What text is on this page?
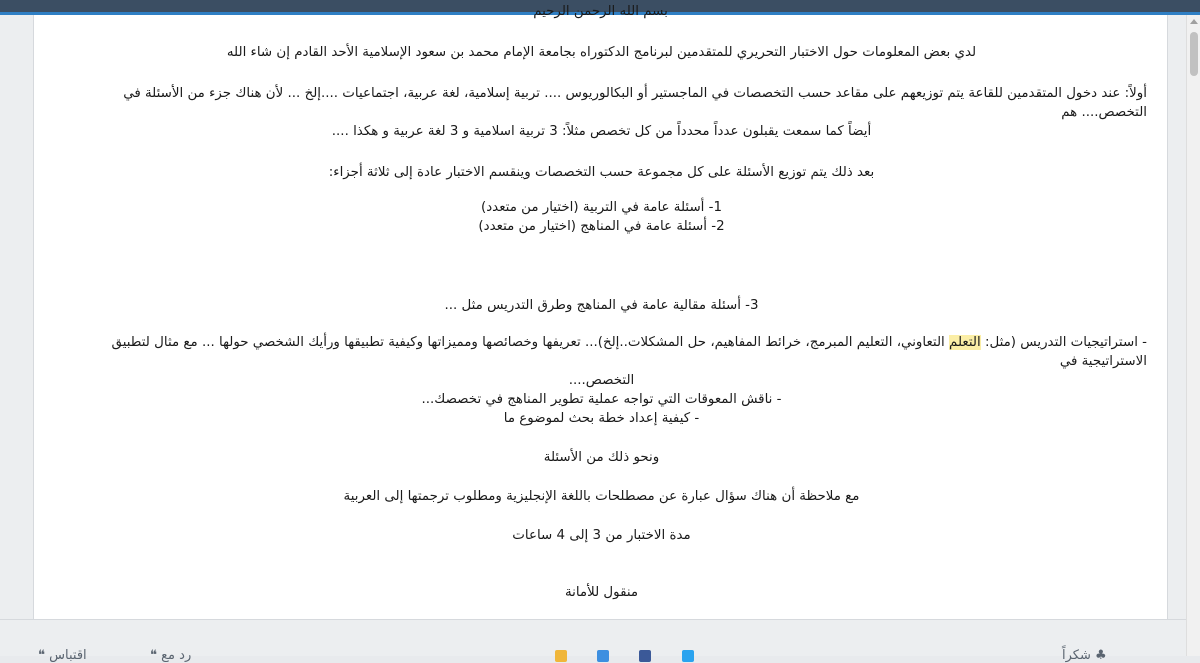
بسم الله الرحمن الرحيم

لدي بعض المعلومات حول الاختبار التحريري للمتقدمين لبرنامج الدكتوراه بجامعة الإمام محمد بن سعود الإسلامية الأحد القادم إن شاء الله

أولاً: عند دخول المتقدمين للقاعة يتم توزيعهم على مقاعد حسب التخصصات في الماجستير أو البكالوريوس .... تربية إسلامية، لغة عربية، اجتماعيات ....إلخ ... لأن هناك جزء من الأسئلة في التخصص.... هم

أيضاً كما سمعت يقبلون عدداً محدداً من كل تخصص مثلاً: 3 تربية اسلامية و 3 لغة عربية و هكذا ....

بعد ذلك يتم توزيع الأسئلة على كل مجموعة حسب التخصصات وينقسم الاختبار عادة إلى ثلاثة أجزاء:

1- أسئلة عامة في التربية (اختيار من متعدد)

2- أسئلة عامة في المناهج (اختيار من متعدد)

3- أسئلة مقالية عامة في المناهج وطرق التدريس مثل ...

- استراتيجيات التدريس (مثل: التعلم التعاوني، التعليم المبرمج، خرائط المفاهيم، حل المشكلات..إلخ)... تعريفها وخصائصها ومميزاتها وكيفية تطبيقها ورأيك الشخصي حولها ... مع مثال لتطبيق الاستراتيجية في

التخصص....

- ناقش المعوقات التي تواجه عملية تطوير المناهج في تخصصك...

- كيفية إعداد خطة بحث لموضوع ما

ونحو ذلك من الأسئلة

مع ملاحظة أن هناك سؤال عبارة عن مصطلحات باللغة الإنجليزية ومطلوب ترجمتها إلى العربية

مدة الاختبار من 3 إلى 4 ساعات

منقول للأمانة

❝ اقتباس	❝ رد مع	شكراً ♣
